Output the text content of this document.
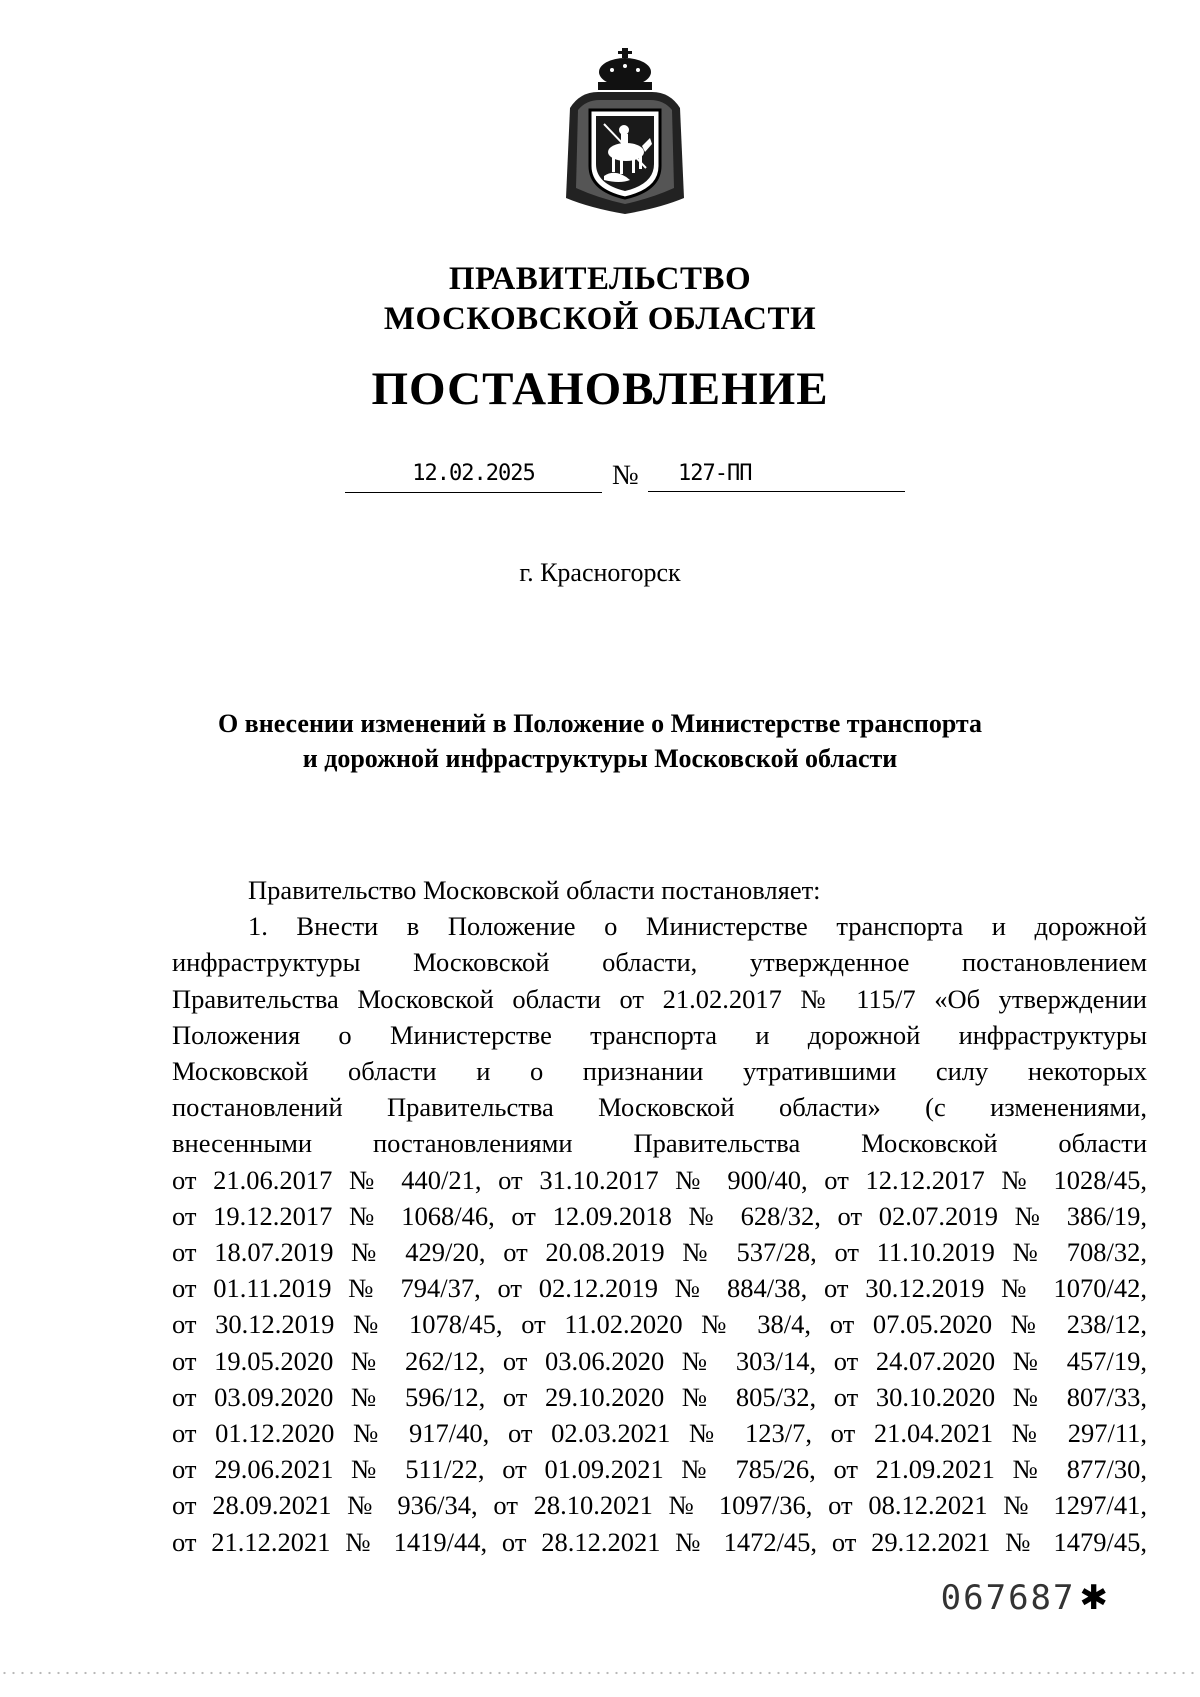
ПРАВИТЕЛЬСТВО
МОСКОВСКОЙ ОБЛАСТИ
ПОСТАНОВЛЕНИЕ
12.02.2025	№	127-ПП
г. Красногорск
О внесении изменений в Положение о Министерстве транспорта
и дорожной инфраструктуры Московской области
Правительство Московской области постановляет:
1. Внести в Положение о Министерстве транспорта и дорожной
инфраструктуры Московской области, утвержденное постановлением
Правительства Московской области от 21.02.2017 № 115/7 «Об утверждении
Положения о Министерстве транспорта и дорожной инфраструктуры
Московской области и о признании утратившими силу некоторых
постановлений Правительства Московской области» (с изменениями,
внесенными постановлениями Правительства Московской области
от 21.06.2017 № 440/21, от 31.10.2017 № 900/40, от 12.12.2017 № 1028/45,
от 19.12.2017 № 1068/46, от 12.09.2018 № 628/32, от 02.07.2019 № 386/19,
от 18.07.2019 № 429/20, от 20.08.2019 № 537/28, от 11.10.2019 № 708/32,
от 01.11.2019 № 794/37, от 02.12.2019 № 884/38, от 30.12.2019 № 1070/42,
от 30.12.2019 № 1078/45, от 11.02.2020 № 38/4, от 07.05.2020 № 238/12,
от 19.05.2020 № 262/12, от 03.06.2020 № 303/14, от 24.07.2020 № 457/19,
от 03.09.2020 № 596/12, от 29.10.2020 № 805/32, от 30.10.2020 № 807/33,
от 01.12.2020 № 917/40, от 02.03.2021 № 123/7, от 21.04.2021 № 297/11,
от 29.06.2021 № 511/22, от 01.09.2021 № 785/26, от 21.09.2021 № 877/30,
от 28.09.2021 № 936/34, от 28.10.2021 № 1097/36, от 08.12.2021 № 1297/41,
от 21.12.2021 № 1419/44, от 28.12.2021 № 1472/45, от 29.12.2021 № 1479/45,
067687 ✱
